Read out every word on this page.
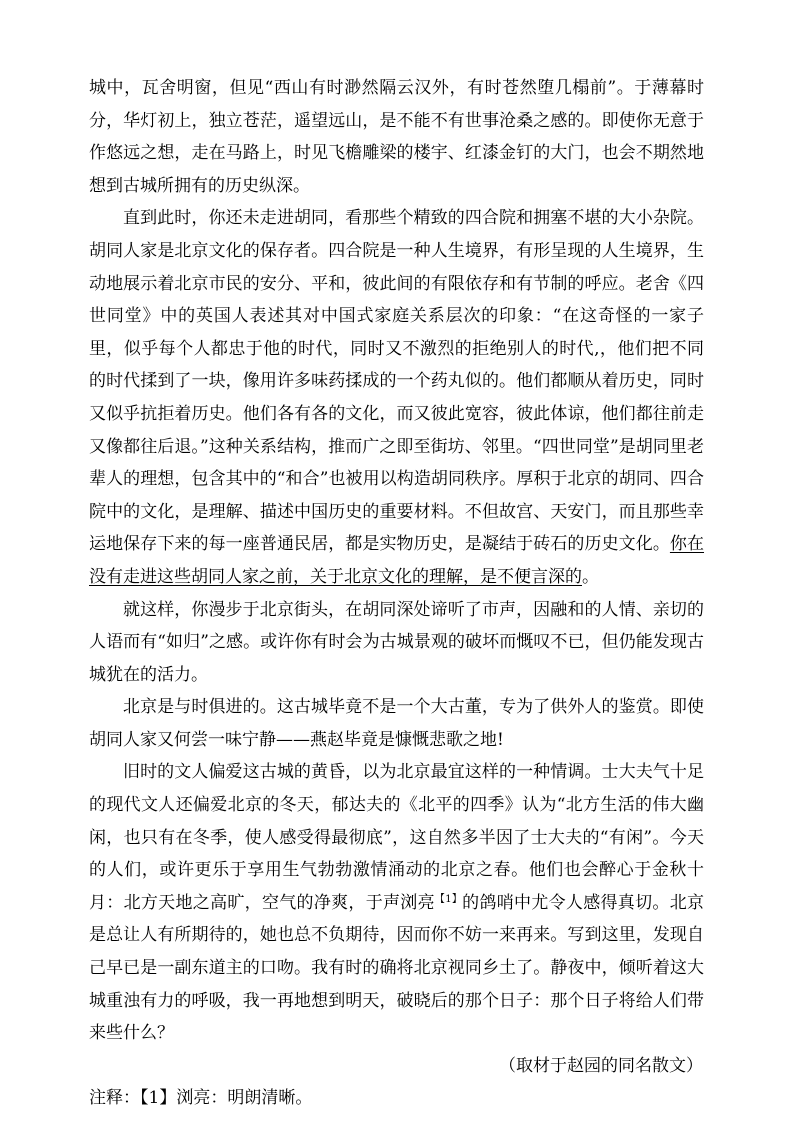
城中，瓦舍明窗，但见“西山有时渺然隔云汉外，有时苍然堕几榻前”。于薄幕时分，华灯初上，独立苍茫，遥望远山，是不能不有世事沧桑之感的。即使你无意于作悠远之想，走在马路上，时见飞檐雕梁的楼宇、红漆金钉的大门，也会不期然地想到古城所拥有的历史纵深。

直到此时，你还未走进胡同，看那些个精致的四合院和拥塞不堪的大小杂院。胡同人家是北京文化的保存者。四合院是一种人生境界，有形呈现的人生境界，生动地展示着北京市民的安分、平和，彼此间的有限依存和有节制的呼应。老舍《四世同堂》中的英国人表述其对中国式家庭关系层次的印象：“在这奇怪的一家子里，似乎每个人都忠于他的时代，同时又不激烈的拒绝别人的时代,，他们把不同的时代揉到了一块，像用许多味药揉成的一个药丸似的。他们都顺从着历史，同时又似乎抗拒着历史。他们各有各的文化，而又彼此宽容，彼此体谅，他们都往前走又像都往后退。”这种关系结构，推而广之即至街坊、邻里。“四世同堂”是胡同里老辈人的理想，包含其中的“和合”也被用以构造胡同秩序。厚积于北京的胡同、四合院中的文化，是理解、描述中国历史的重要材料。不但故宫、天安门，而且那些幸运地保存下来的每一座普通民居，都是实物历史，是凝结于砖石的历史文化。你在没有走进这些胡同人家之前，关于北京文化的理解，是不便言深的。

就这样，你漫步于北京街头，在胡同深处谛听了市声，因融和的人情、亲切的人语而有“如归”之感。或许你有时会为古城景观的破坏而慨叹不已，但仍能发现古城犹在的活力。

北京是与时俱进的。这古城毕竟不是一个大古董，专为了供外人的鉴赏。即使胡同人家又何尝一味宁静——燕赵毕竟是慷慨悲歌之地!

旧时的文人偏爱这古城的黄昏，以为北京最宜这样的一种情调。士大夫气十足的现代文人还偏爱北京的冬天，郁达夫的《北平的四季》认为“北方生活的伟大幽闲，也只有在冬季，使人感受得最彻底”，这自然多半因了士大夫的“有闲”。今天的人们，或许更乐于享用生气勃勃激情涌动的北京之春。他们也会醉心于金秋十月：北方天地之高旷，空气的净爽，于声浏亮$^{【1】}$的鸽哨中尤令人感得真切。北京是总让人有所期待的，她也总不负期待，因而你不妨一来再来。写到这里，发现自己早已是一副东道主的口吻。我有时的确将北京视同乡土了。静夜中，倾听着这大城重浊有力的呼吸，我一再地想到明天，破晓后的那个日子：那个日子将给人们带来些什么？

（取材于赵园的同名散文）

注释：【1】浏亮：明朗清晰。
